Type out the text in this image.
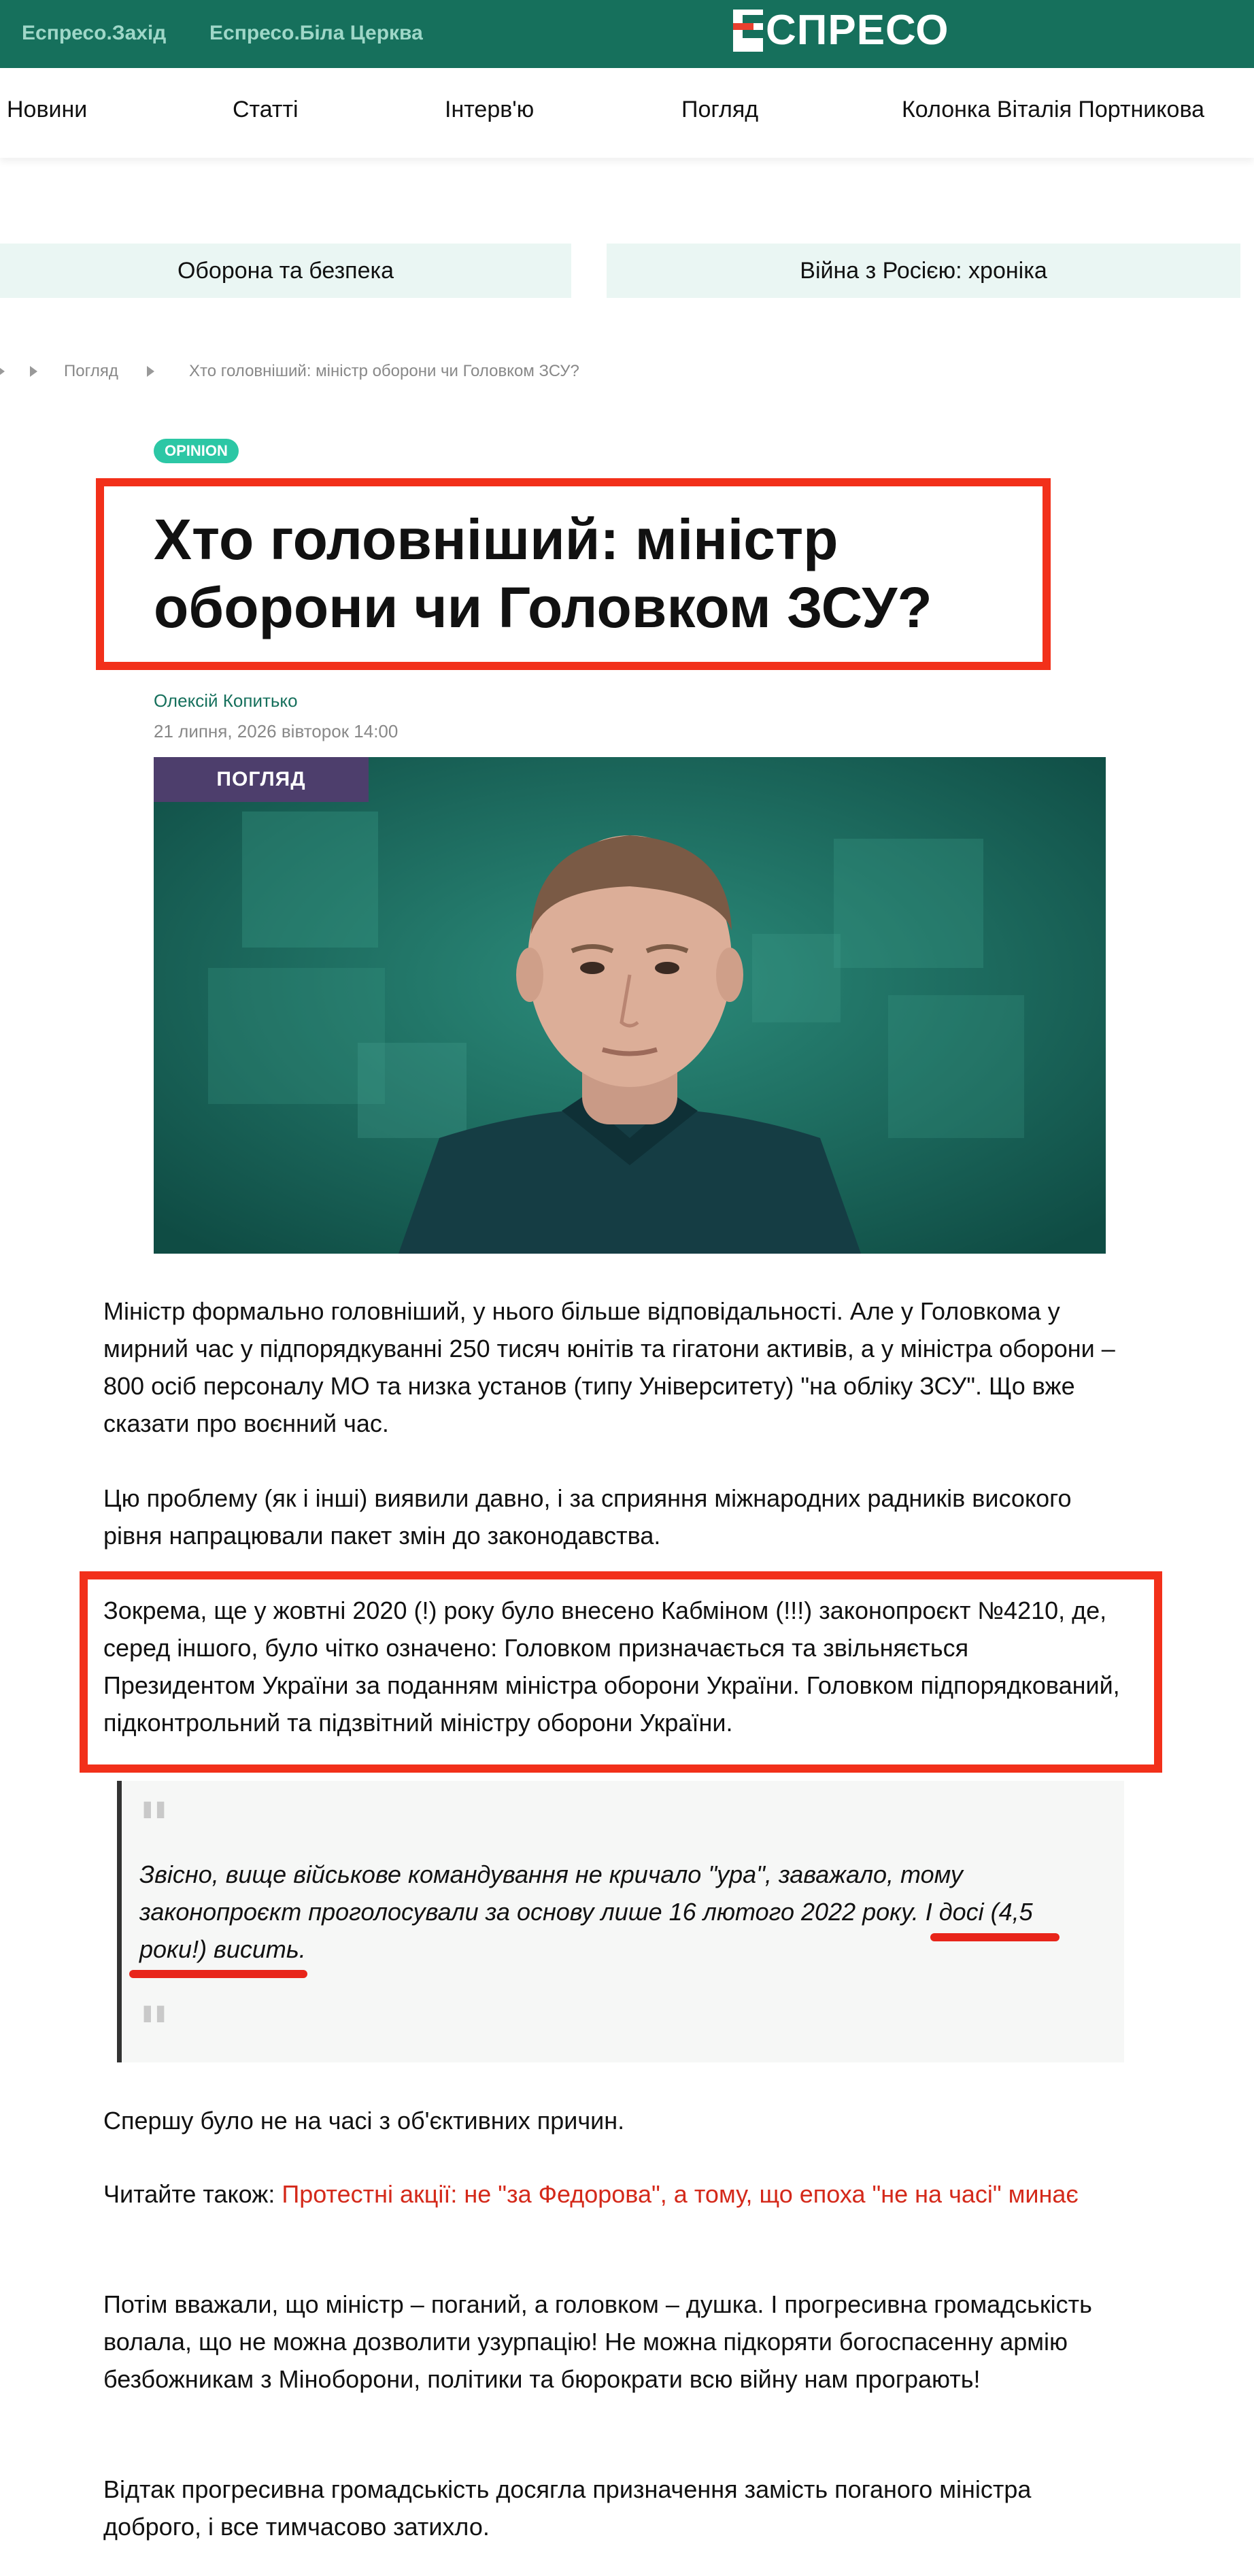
Еспресо.Захід Еспресо.Біла Церква	СПРЕСО
Новини	Статті	Інтерв'ю	Погляд	Колонка Віталія Портникова
Оборона та безпека	Війна з Росією: хроніка
Погляд	Хто головніший: міністр оборони чи Головком ЗСУ?
OPINION
Хто головніший: міністр оборони чи Головком ЗСУ?
Олексій Копитько
21 липня, 2026 вівторок 14:00
ПОГЛЯД

Міністр формально головніший, у нього більше відповідальності. Але у Головкома у мирний час у підпорядкуванні 250 тисяч юнітів та гігатони активів, а у міністра оборони – 800 осіб персоналу МО та низка установ (типу Університету) "на обліку ЗСУ". Що вже сказати про воєнний час.

Цю проблему (як і інші) виявили давно, і за сприяння міжнародних радників високого рівня напрацювали пакет змін до законодавства.

Зокрема, ще у жовтні 2020 (!) року було внесено Кабміном (!!!) законопроєкт №4210, де, серед іншого, було чітко означено: Головком призначається та звільняється Президентом України за поданням міністра оборони України. Головком підпорядкований, підконтрольний та підзвітний міністру оборони України.

"

Звісно, вище військове командування не кричало "ура", заважало, тому законопроєкт проголосували за основу лише 16 лютого 2022 року. І досі (4,5 роки!) висить.

"

Спершу було не на часі з об'єктивних причин.

Читайте також: Протестні акції: не "за Федорова", а тому, що епоха "не на часі" минає

Потім вважали, що міністр – поганий, а головком – душка. І прогресивна громадськість волала, що не можна дозволити узурпацію! Не можна підкоряти богоспасенну армію безбожникам з Міноборони, політики та бюрократи всю війну нам програють!

Відтак прогресивна громадськість досягла призначення замість поганого міністра доброго, і все тимчасово затихло.
